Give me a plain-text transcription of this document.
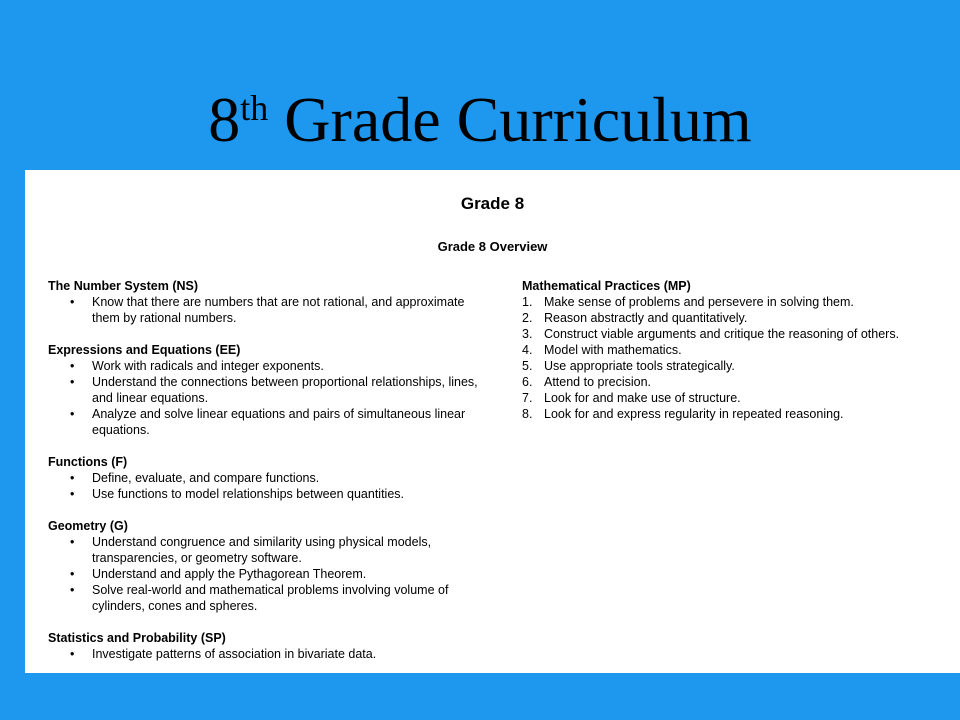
8th Grade Curriculum
Grade 8
Grade 8 Overview
The Number System (NS)
• Know that there are numbers that are not rational, and approximate them by rational numbers.
Expressions and Equations (EE)
• Work with radicals and integer exponents.
• Understand the connections between proportional relationships, lines, and linear equations.
• Analyze and solve linear equations and pairs of simultaneous linear equations.
Functions (F)
• Define, evaluate, and compare functions.
• Use functions to model relationships between quantities.
Geometry (G)
• Understand congruence and similarity using physical models, transparencies, or geometry software.
• Understand and apply the Pythagorean Theorem.
• Solve real-world and mathematical problems involving volume of cylinders, cones and spheres.
Statistics and Probability (SP)
• Investigate patterns of association in bivariate data.
Mathematical Practices (MP)
1. Make sense of problems and persevere in solving them.
2. Reason abstractly and quantitatively.
3. Construct viable arguments and critique the reasoning of others.
4. Model with mathematics.
5. Use appropriate tools strategically.
6. Attend to precision.
7. Look for and make use of structure.
8. Look for and express regularity in repeated reasoning.
